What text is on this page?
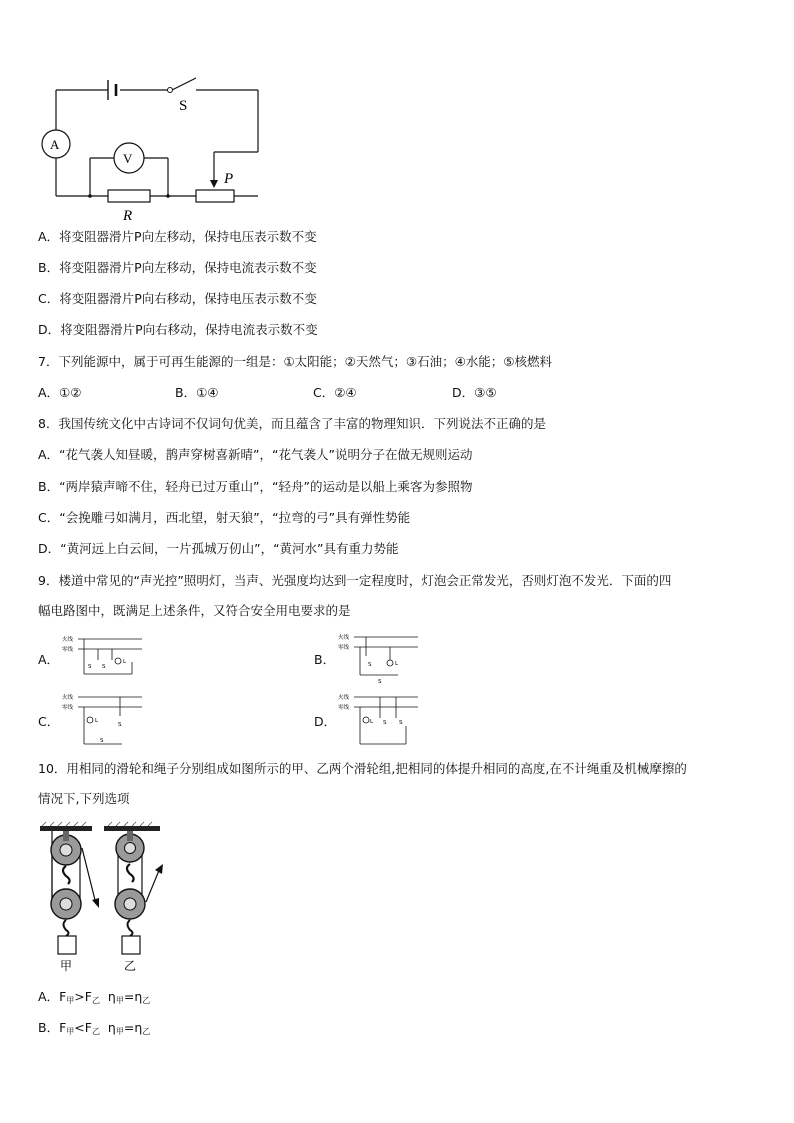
S
A
V
P
R
A．将变阻器滑片P向左移动，保持电压表示数不变
B．将变阻器滑片P向左移动，保持电流表示数不变
C．将变阻器滑片P向右移动，保持电压表示数不变
D．将变阻器滑片P向右移动，保持电流表示数不变
7．下列能源中，属于可再生能源的一组是：①太阳能；②天然气；③石油；④水能；⑤核燃料
A．①②	B．①④	C．②④	D．③⑤
8．我国传统文化中古诗词不仅词句优美，而且蕴含了丰富的物理知识．下列说法不正确的是
A．“花气袭人知昼暖，鹊声穿树喜新晴”，“花气袭人”说明分子在做无规则运动
B．“两岸猿声啼不住，轻舟已过万重山”，“轻舟”的运动是以船上乘客为参照物
C．“会挽雕弓如满月，西北望，射天狼”，“拉弯的弓”具有弹性势能
D．“黄河远上白云间，一片孤城万仞山”，“黄河水”具有重力势能
9．楼道中常见的“声光控”照明灯，当声、光强度均达到一定程度时，灯泡会正常发光，否则灯泡不发光．下面的四
幅电路图中，既满足上述条件，又符合安全用电要求的是
A．	B．
C．	D．
火线
零线
S S
L
火线
零线
S
S
L
火线
零线
L
S
S
火线
零线
L S S
10．用相同的滑轮和绳子分别组成如图所示的甲、乙两个滑轮组,把相同的体提升相同的高度,在不计绳重及机械摩擦的
情况下,下列选项
甲	乙
A．$F_甲>F_乙$ $\eta_甲=\eta_乙$
B．$F_甲<F_乙$ $\eta_甲=\eta_乙$
